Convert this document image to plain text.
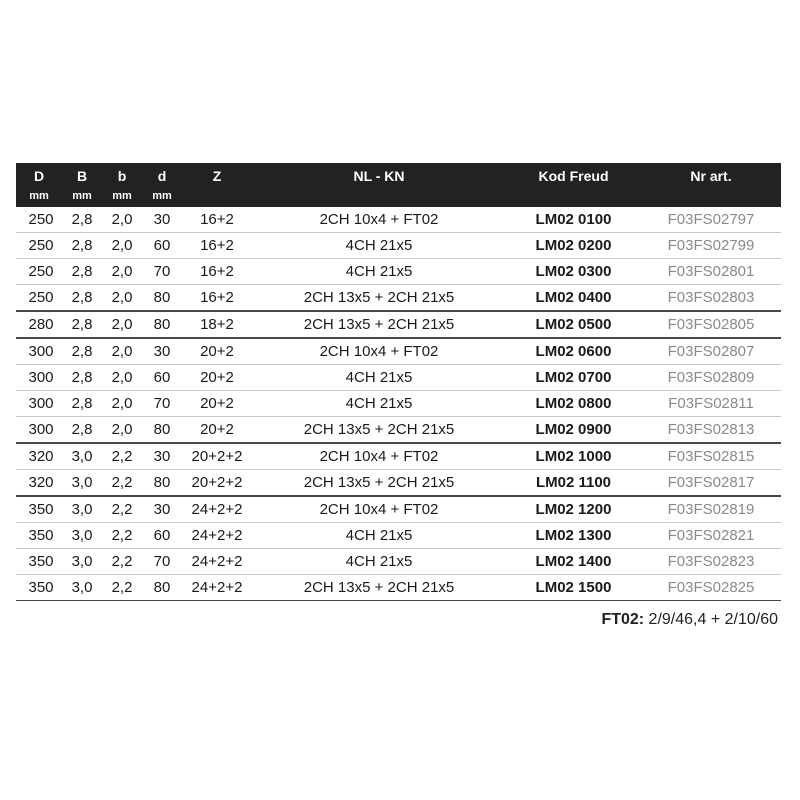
D	B	b	d	Z	NL - KN	Kod Freud	Nr art.
mm	mm	mm	mm				
250	2,8	2,0	30	16+2	2CH 10x4 + FT02	LM02 0100	F03FS02797
250	2,8	2,0	60	16+2	4CH 21x5	LM02 0200	F03FS02799
250	2,8	2,0	70	16+2	4CH 21x5	LM02 0300	F03FS02801
250	2,8	2,0	80	16+2	2CH 13x5 + 2CH 21x5	LM02 0400	F03FS02803
280	2,8	2,0	80	18+2	2CH 13x5 + 2CH 21x5	LM02 0500	F03FS02805
300	2,8	2,0	30	20+2	2CH 10x4 + FT02	LM02 0600	F03FS02807
300	2,8	2,0	60	20+2	4CH 21x5	LM02 0700	F03FS02809
300	2,8	2,0	70	20+2	4CH 21x5	LM02 0800	F03FS02811
300	2,8	2,0	80	20+2	2CH 13x5 + 2CH 21x5	LM02 0900	F03FS02813
320	3,0	2,2	30	20+2+2	2CH 10x4 + FT02	LM02 1000	F03FS02815
320	3,0	2,2	80	20+2+2	2CH 13x5 + 2CH 21x5	LM02 1100	F03FS02817
350	3,0	2,2	30	24+2+2	2CH 10x4 + FT02	LM02 1200	F03FS02819
350	3,0	2,2	60	24+2+2	4CH 21x5	LM02 1300	F03FS02821
350	3,0	2,2	70	24+2+2	4CH 21x5	LM02 1400	F03FS02823
350	3,0	2,2	80	24+2+2	2CH 13x5 + 2CH 21x5	LM02 1500	F03FS02825
FT02: 2/9/46,4 + 2/10/60
